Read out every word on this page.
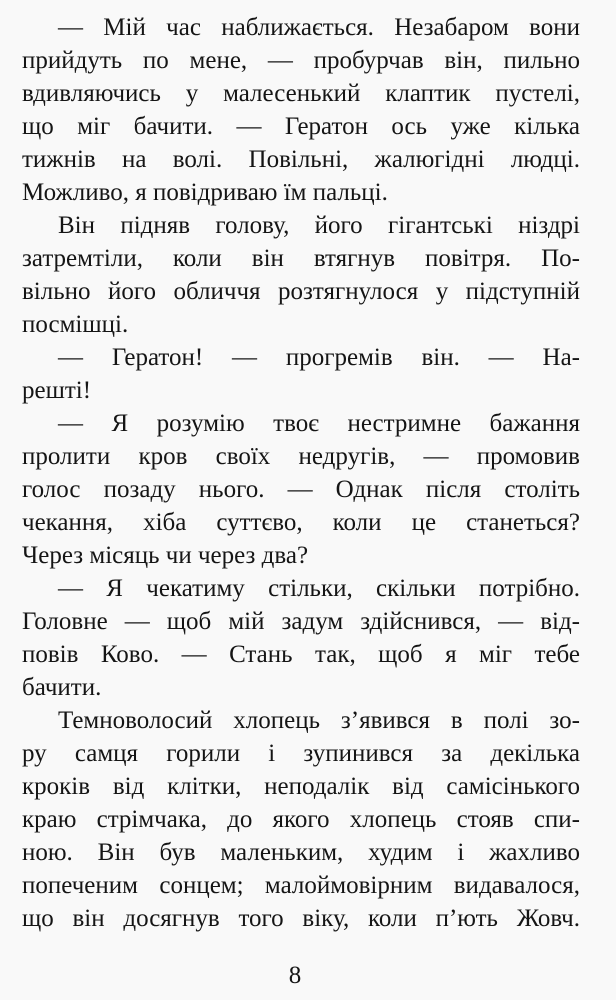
— Мій час наближається. Незабаром вони
прийдуть по мене, — пробурчав він, пильно
вдивляючись у малесенький клаптик пустелі,
що міг бачити. — Гератон ось уже кілька
тижнів на волі. Повільні, жалюгідні людці.
Можливо, я повідриваю їм пальці.
Він підняв голову, його гігантські ніздрі
затремтіли, коли він втягнув повітря. По-
вільно його обличчя розтягнулося у підступній
посмішці.
— Гератон! — прогремів він. — На-
решті!
— Я розумію твоє нестримне бажання
пролити кров своїх недругів, — промовив
голос позаду нього. — Однак після століть
чекання, хіба суттєво, коли це станеться?
Через місяць чи через два?
— Я чекатиму стільки, скільки потрібно.
Головне — щоб мій задум здійснився, — від-
повів Ково. — Стань так, щоб я міг тебе
бачити.
Темноволосий хлопець з’явився в полі зо-
ру самця горили і зупинився за декілька
кроків від клітки, неподалік від самісінького
краю стрімчака, до якого хлопець стояв спи-
ною. Він був маленьким, худим і жахливо
попеченим сонцем; малоймовірним видавалося,
що він досягнув того віку, коли п’ють Жовч.
8
